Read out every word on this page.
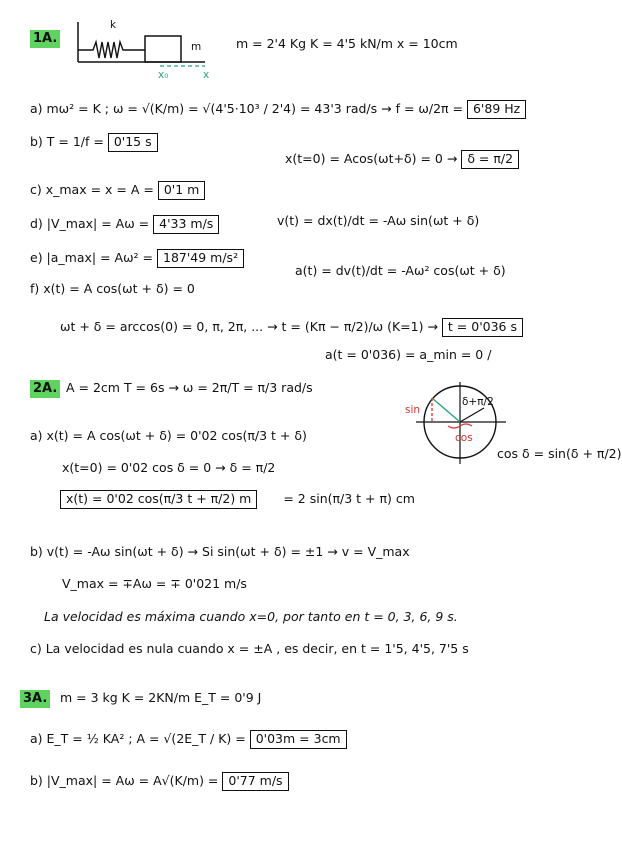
1A.
k
m
x₀	x
m = 2'4 Kg K = 4'5 kN/m x = 10cm
a) mω² = K ; ω = √(K/m) = √(4'5·10³ / 2'4) = 43'3 rad/s → f = ω/2π = 6'89 Hz
b) T = 1/f = 0'15 s
x(t=0) = Acos(ωt+δ) = 0 → δ = π/2
c) x_max = x = A = 0'1 m
d) |V_max| = Aω = 4'33 m/s	v(t) = dx(t)/dt = -Aω sin(ωt + δ)
e) |a_max| = Aω² = 187'49 m/s²
a(t) = dv(t)/dt = -Aω² cos(ωt + δ)
f) x(t) = A cos(ωt + δ) = 0
ωt + δ = arccos(0) = 0, π, 2π, ... → t = (Kπ − π/2)/ω (K=1) → t = 0'036 s
a(t = 0'036) = a_min = 0 /
2A. A = 2cm T = 6s → ω = 2π/T = π/3 rad/s
sin
cos
δ+π/2
cos δ = sin(δ + π/2)
a) x(t) = A cos(ωt + δ) = 0'02 cos(π/3 t + δ)
x(t=0) = 0'02 cos δ = 0 → δ = π/2
x(t) = 0'02 cos(π/3 t + π/2) m	= 2 sin(π/3 t + π) cm
b) v(t) = -Aω sin(ωt + δ) → Si sin(ωt + δ) = ±1 → v = V_max
V_max = ∓Aω = ∓ 0'021 m/s
La velocidad es máxima cuando x=0, por tanto en t = 0, 3, 6, 9 s.
c) La velocidad es nula cuando x = ±A , es decir, en t = 1'5, 4'5, 7'5 s
3A. m = 3 kg K = 2KN/m E_T = 0'9 J
a) E_T = ½ KA² ; A = √(2E_T / K) = 0'03m = 3cm
b) |V_max| = Aω = A√(K/m) = 0'77 m/s
